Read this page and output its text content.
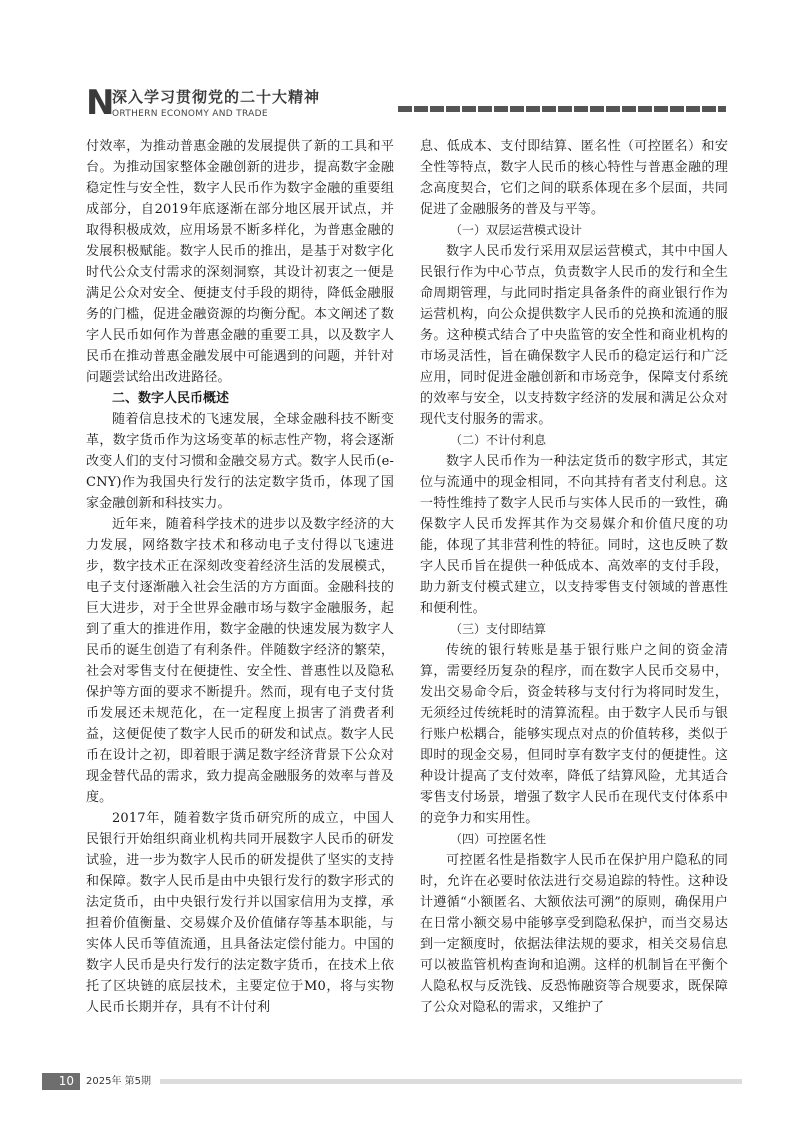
N
深入学习贯彻党的二十大精神
ORTHERN ECONOMY AND TRADE

付效率，为推动普惠金融的发展提供了新的工具和平台。为推动国家整体金融创新的进步，提高数字金融稳定性与安全性，数字人民币作为数字金融的重要组成部分，自2019年底逐渐在部分地区展开试点，并取得积极成效，应用场景不断多样化，为普惠金融的发展积极赋能。数字人民币的推出，是基于对数字化时代公众支付需求的深刻洞察，其设计初衷之一便是满足公众对安全、便捷支付手段的期待，降低金融服务的门槛，促进金融资源的均衡分配。本文阐述了数字人民币如何作为普惠金融的重要工具，以及数字人民币在推动普惠金融发展中可能遇到的问题，并针对问题尝试给出改进路径。

二、数字人民币概述

随着信息技术的飞速发展，全球金融科技不断变革，数字货币作为这场变革的标志性产物，将会逐渐改变人们的支付习惯和金融交易方式。数字人民币(e-CNY)作为我国央行发行的法定数字货币，体现了国家金融创新和科技实力。

近年来，随着科学技术的进步以及数字经济的大力发展，网络数字技术和移动电子支付得以飞速进步，数字技术正在深刻改变着经济生活的发展模式，电子支付逐渐融入社会生活的方方面面。金融科技的巨大进步，对于全世界金融市场与数字金融服务，起到了重大的推进作用，数字金融的快速发展为数字人民币的诞生创造了有利条件。伴随数字经济的繁荣，社会对零售支付在便捷性、安全性、普惠性以及隐私保护等方面的要求不断提升。然而，现有电子支付货币发展还未规范化，在一定程度上损害了消费者利益，这便促使了数字人民币的研发和试点。数字人民币在设计之初，即着眼于满足数字经济背景下公众对现金替代品的需求，致力提高金融服务的效率与普及度。

2017年，随着数字货币研究所的成立，中国人民银行开始组织商业机构共同开展数字人民币的研发试验，进一步为数字人民币的研发提供了坚实的支持和保障。数字人民币是由中央银行发行的数字形式的法定货币，由中央银行发行并以国家信用为支撑，承担着价值衡量、交易媒介及价值储存等基本职能，与实体人民币等值流通，且具备法定偿付能力。中国的数字人民币是央行发行的法定数字货币，在技术上依托了区块链的底层技术，主要定位于M0，将与实物人民币长期并存，具有不计付利

息、低成本、支付即结算、匿名性（可控匿名）和安全性等特点，数字人民币的核心特性与普惠金融的理念高度契合，它们之间的联系体现在多个层面，共同促进了金融服务的普及与平等。

（一）双层运营模式设计

数字人民币发行采用双层运营模式，其中中国人民银行作为中心节点，负责数字人民币的发行和全生命周期管理，与此同时指定具备条件的商业银行作为运营机构，向公众提供数字人民币的兑换和流通的服务。这种模式结合了中央监管的安全性和商业机构的市场灵活性，旨在确保数字人民币的稳定运行和广泛应用，同时促进金融创新和市场竞争，保障支付系统的效率与安全，以支持数字经济的发展和满足公众对现代支付服务的需求。

（二）不计付利息

数字人民币作为一种法定货币的数字形式，其定位与流通中的现金相同，不向其持有者支付利息。这一特性维持了数字人民币与实体人民币的一致性，确保数字人民币发挥其作为交易媒介和价值尺度的功能，体现了其非营利性的特征。同时，这也反映了数字人民币旨在提供一种低成本、高效率的支付手段，助力新支付模式建立，以支持零售支付领域的普惠性和便利性。

（三）支付即结算

传统的银行转账是基于银行账户之间的资金清算，需要经历复杂的程序，而在数字人民币交易中，发出交易命令后，资金转移与支付行为将同时发生，无须经过传统耗时的清算流程。由于数字人民币与银行账户松耦合，能够实现点对点的价值转移，类似于即时的现金交易，但同时享有数字支付的便捷性。这种设计提高了支付效率，降低了结算风险，尤其适合零售支付场景，增强了数字人民币在现代支付体系中的竞争力和实用性。

（四）可控匿名性

可控匿名性是指数字人民币在保护用户隐私的同时，允许在必要时依法进行交易追踪的特性。这种设计遵循“小额匿名、大额依法可溯”的原则，确保用户在日常小额交易中能够享受到隐私保护，而当交易达到一定额度时，依据法律法规的要求，相关交易信息可以被监管机构查询和追溯。这样的机制旨在平衡个人隐私权与反洗钱、反恐怖融资等合规要求，既保障了公众对隐私的需求，又维护了

10	2025年 第5期
